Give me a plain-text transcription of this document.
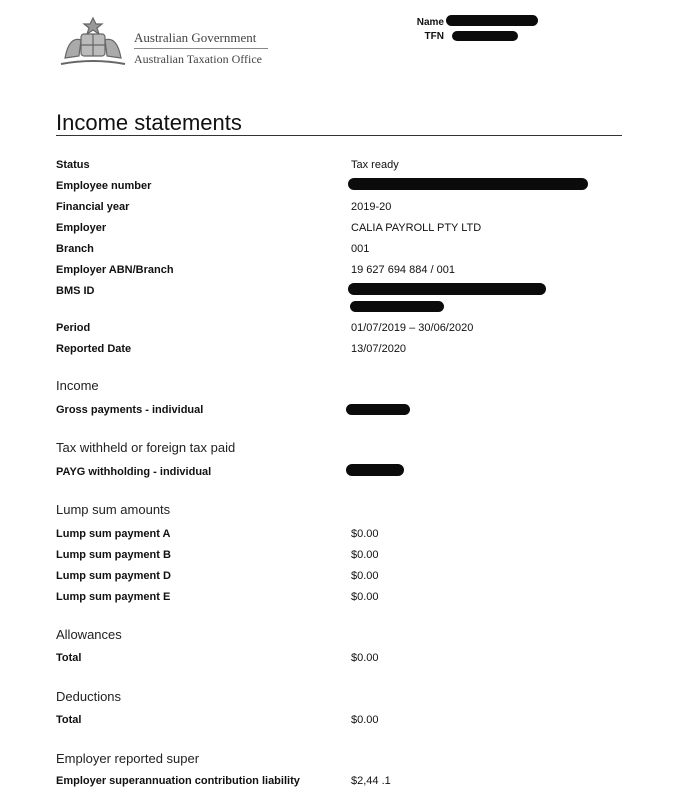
Australian Government
Australian Taxation Office
Name
TFN
Income statements
Status	Tax ready
Employee number
Financial year	2019-20
Employer	CALIA PAYROLL PTY LTD
Branch	001
Employer ABN/Branch	19 627 694 884 / 001
BMS ID
Period	01/07/2019 – 30/06/2020
Reported Date	13/07/2020
Income
Gross payments - individual
Tax withheld or foreign tax paid
PAYG withholding - individual
Lump sum amounts
Lump sum payment A	$0.00
Lump sum payment B	$0.00
Lump sum payment D	$0.00
Lump sum payment E	$0.00
Allowances
Total	$0.00
Deductions
Total	$0.00
Employer reported super
Employer superannuation contribution liability	$2,44 .1
